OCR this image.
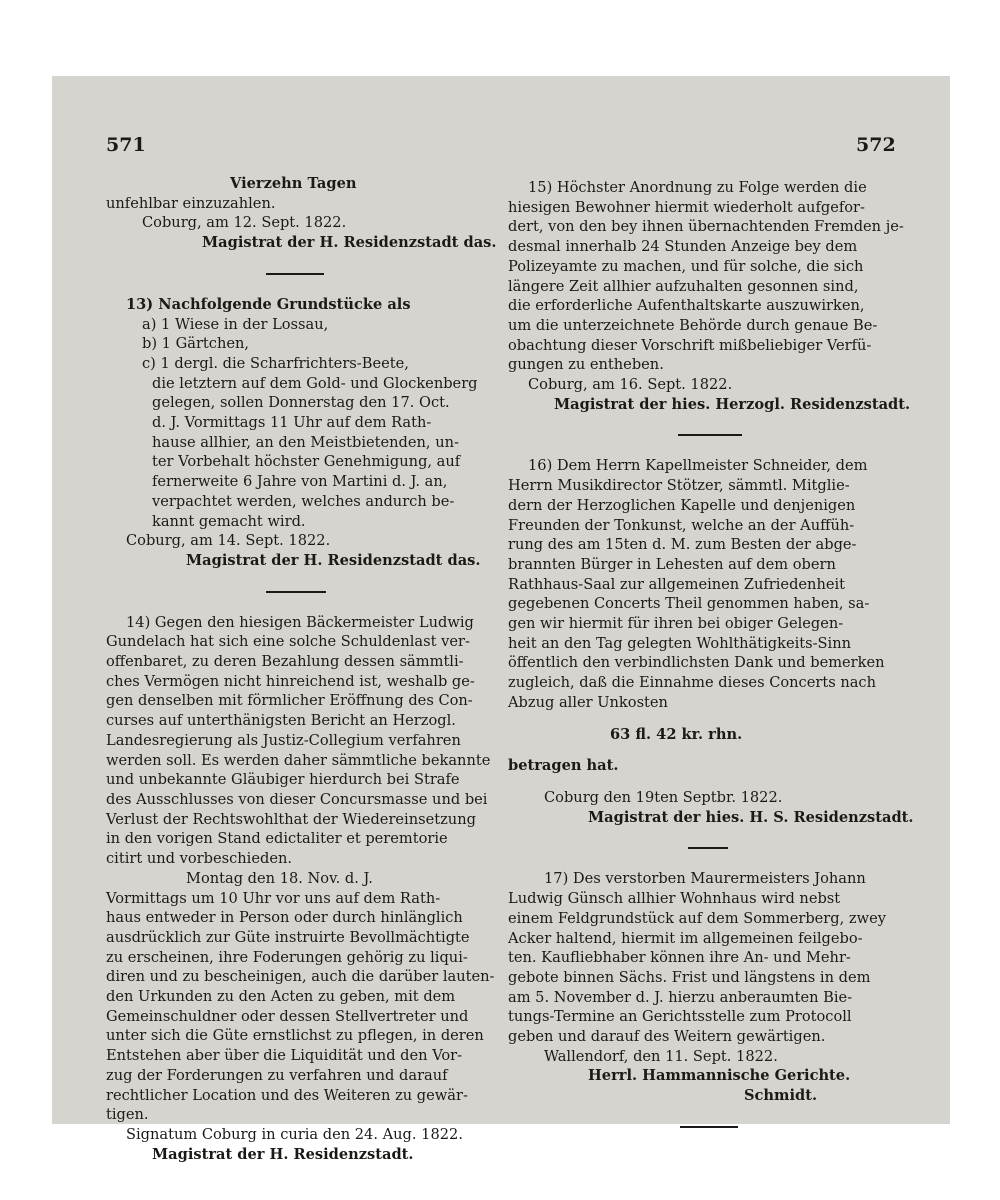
571	572
Vierzehn Tagen
unfehlbar einzuzahlen.
Coburg, am 12. Sept. 1822.
Magistrat der H. Residenzstadt das.
13) Nachfolgende Grundstücke als
a) 1 Wiese in der Lossau,
b) 1 Gärtchen,
c) 1 dergl. die Scharfrichters-Beete,
die letztern auf dem Gold- und Glockenberg
gelegen, sollen Donnerstag den 17. Oct.
d. J. Vormittags 11 Uhr auf dem Rath-
hause allhier, an den Meistbietenden, un-
ter Vorbehalt höchster Genehmigung, auf
fernerweite 6 Jahre von Martini d. J. an,
verpachtet werden, welches andurch be-
kannt gemacht wird.
Coburg, am 14. Sept. 1822.
Magistrat der H. Residenzstadt das.
14) Gegen den hiesigen Bäckermeister Ludwig
Gundelach hat sich eine solche Schuldenlast ver-
offenbaret, zu deren Bezahlung dessen sämmtli-
ches Vermögen nicht hinreichend ist, weshalb ge-
gen denselben mit förmlicher Eröffnung des Con-
curses auf unterthänigsten Bericht an Herzogl.
Landesregierung als Justiz-Collegium verfahren
werden soll. Es werden daher sämmtliche bekannte
und unbekannte Gläubiger hierdurch bei Strafe
des Ausschlusses von dieser Concursmasse und bei
Verlust der Rechtswohlthat der Wiedereinsetzung
in den vorigen Stand edictaliter et peremtorie
citirt und vorbeschieden.
Montag den 18. Nov. d. J.
Vormittags um 10 Uhr vor uns auf dem Rath-
haus entweder in Person oder durch hinlänglich
ausdrücklich zur Güte instruirte Bevollmächtigte
zu erscheinen, ihre Foderungen gehörig zu liqui-
diren und zu bescheinigen, auch die darüber lauten-
den Urkunden zu den Acten zu geben, mit dem
Gemeinschuldner oder dessen Stellvertreter und
unter sich die Güte ernstlichst zu pflegen, in deren
Entstehen aber über die Liquidität und den Vor-
zug der Forderungen zu verfahren und darauf
rechtlicher Location und des Weiteren zu gewär-
tigen.
Signatum Coburg in curia den 24. Aug. 1822.
Magistrat der H. Residenzstadt.
15) Höchster Anordnung zu Folge werden die
hiesigen Bewohner hiermit wiederholt aufgefor-
dert, von den bey ihnen übernachtenden Fremden je-
desmal innerhalb 24 Stunden Anzeige bey dem
Polizeyamte zu machen, und für solche, die sich
längere Zeit allhier aufzuhalten gesonnen sind,
die erforderliche Aufenthaltskarte auszuwirken,
um die unterzeichnete Behörde durch genaue Be-
obachtung dieser Vorschrift mißbeliebiger Verfü-
gungen zu entheben.
Coburg, am 16. Sept. 1822.
Magistrat der hies. Herzogl. Residenzstadt.
16) Dem Herrn Kapellmeister Schneider, dem
Herrn Musikdirector Stötzer, sämmtl. Mitglie-
dern der Herzoglichen Kapelle und denjenigen
Freunden der Tonkunst, welche an der Auffüh-
rung des am 15ten d. M. zum Besten der abge-
brannten Bürger in Lehesten auf dem obern
Rathhaus-Saal zur allgemeinen Zufriedenheit
gegebenen Concerts Theil genommen haben, sa-
gen wir hiermit für ihren bei obiger Gelegen-
heit an den Tag gelegten Wohlthätigkeits-Sinn
öffentlich den verbindlichsten Dank und bemerken
zugleich, daß die Einnahme dieses Concerts nach
Abzug aller Unkosten
63 fl. 42 kr. rhn.
betragen hat.
Coburg den 19ten Septbr. 1822.
Magistrat der hies. H. S. Residenzstadt.
17) Des verstorben Maurermeisters Johann
Ludwig Günsch allhier Wohnhaus wird nebst
einem Feldgrundstück auf dem Sommerberg, zwey
Acker haltend, hiermit im allgemeinen feilgebo-
ten. Kaufliebhaber können ihre An- und Mehr-
gebote binnen Sächs. Frist und längstens in dem
am 5. November d. J. hierzu anberaumten Bie-
tungs-Termine an Gerichtsstelle zum Protocoll
geben und darauf des Weitern gewärtigen.
Wallendorf, den 11. Sept. 1822.
Herrl. Hammannische Gerichte.
Schmidt.
